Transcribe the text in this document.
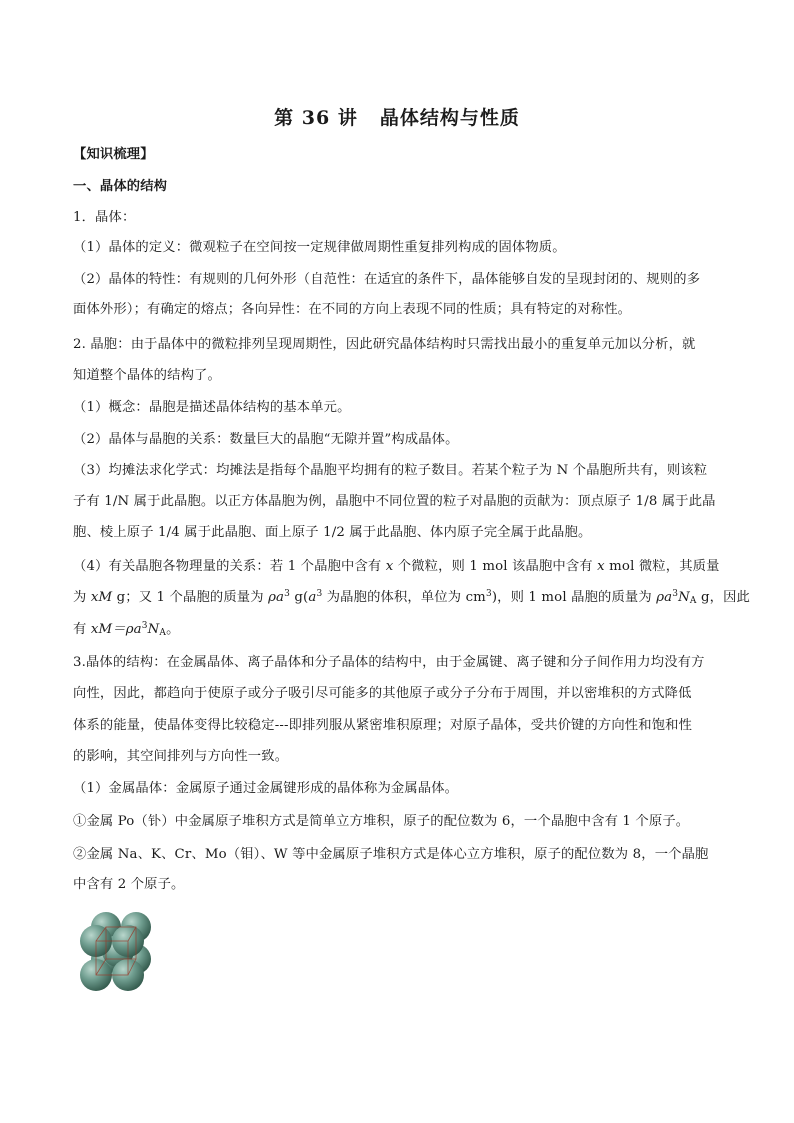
第 36 讲 晶体结构与性质
【知识梳理】
一、晶体的结构
1．晶体：
（1）晶体的定义：微观粒子在空间按一定规律做周期性重复排列构成的固体物质。
（2）晶体的特性：有规则的几何外形（自范性：在适宜的条件下，晶体能够自发的呈现封闭的、规则的多
面体外形）；有确定的熔点；各向异性：在不同的方向上表现不同的性质；具有特定的对称性。
2. 晶胞：由于晶体中的微粒排列呈现周期性，因此研究晶体结构时只需找出最小的重复单元加以分析，就
知道整个晶体的结构了。
（1）概念：晶胞是描述晶体结构的基本单元。
（2）晶体与晶胞的关系：数量巨大的晶胞“无隙并置”构成晶体。
（3）均摊法求化学式：均摊法是指每个晶胞平均拥有的粒子数目。若某个粒子为 N 个晶胞所共有，则该粒
子有 1/N 属于此晶胞。以正方体晶胞为例，晶胞中不同位置的粒子对晶胞的贡献为：顶点原子 1/8 属于此晶
胞、棱上原子 1/4 属于此晶胞、面上原子 1/2 属于此晶胞、体内原子完全属于此晶胞。
（4）有关晶胞各物理量的关系：若 1 个晶胞中含有 x 个微粒，则 1 mol 该晶胞中含有 x mol 微粒，其质量
为 xM g；又 1 个晶胞的质量为 $\rho a^3$ $g(a^3$ 为晶胞的体积，单位为 $cm^3$)，则 1 mol 晶胞的质量为 $\rho a^3N_A$ g，因此
有 $xM=\rho a^3N_A$。
3.晶体的结构：在金属晶体、离子晶体和分子晶体的结构中，由于金属键、离子键和分子间作用力均没有方
向性，因此，都趋向于使原子或分子吸引尽可能多的其他原子或分子分布于周围，并以密堆积的方式降低
体系的能量，使晶体变得比较稳定---即排列服从紧密堆积原理；对原子晶体，受共价键的方向性和饱和性
的影响，其空间排列与方向性一致。
（1）金属晶体：金属原子通过金属键形成的晶体称为金属晶体。
①金属 Po（钋）中金属原子堆积方式是简单立方堆积，原子的配位数为 6，一个晶胞中含有 1 个原子。
②金属 Na、K、Cr、Mo（钼）、W 等中金属原子堆积方式是体心立方堆积，原子的配位数为 8，一个晶胞
中含有 2 个原子。
